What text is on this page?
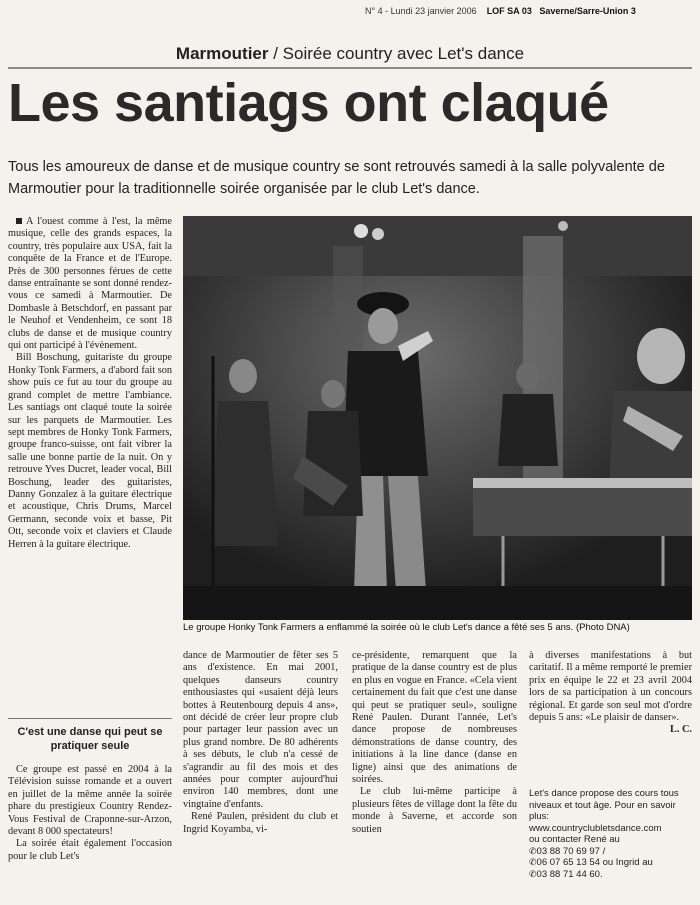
N° 4 - Lundi 23 janvier 2006 LOF SA 03 Saverne/Sarre-Union 3
Marmoutier / Soirée country avec Let's dance
Les santiags ont claqué
Tous les amoureux de danse et de musique country se sont retrouvés samedi à la salle polyvalente de Marmoutier pour la traditionnelle soirée organisée par le club Let's dance.
Le groupe Honky Tonk Farmers a enflammé la soirée où le club Let's dance a fêté ses 5 ans. (Photo DNA)

A l'ouest comme à l'est, la même musique, celle des grands espaces, la country, très populaire aux USA, fait la conquête de la France et de l'Europe. Près de 300 personnes férues de cette danse entraînante se sont donné rendez-vous ce samedi à Marmoutier. De Dombasle à Betschdorf, en passant par le Neuhof et Vendenheim, ce sont 18 clubs de danse et de musique country qui ont participé à l'évènement.

Bill Boschung, guitariste du groupe Honky Tonk Farmers, a d'abord fait son show puis ce fut au tour du groupe au grand complet de mettre l'ambiance. Les santiags ont claqué toute la soirée sur les parquets de Marmoutier. Les sept membres de Honky Tonk Farmers, groupe franco-suisse, ont fait vibrer la salle une bonne partie de la nuit. On y retrouve Yves Ducret, leader vocal, Bill Boschung, leader des guitaristes, Danny Gonzalez à la guitare électrique et acoustique, Chris Drums, Marcel Germann, seconde voix et basse, Pit Ott, seconde voix et claviers et Claude Herren à la guitare électrique.

C'est une danse qui peut se pratiquer seule

Ce groupe est passé en 2004 à la Télévision suisse romande et a ouvert en juillet de la même année la soirée phare du prestigieux Country Rendez-Vous Festival de Craponne-sur-Arzon, devant 8 000 spectateurs!

La soirée était également l'occasion pour le club Let's

dance de Marmoutier de fêter ses 5 ans d'existence. En mai 2001, quelques danseurs country enthousiastes qui «usaient déjà leurs bottes à Reutenbourg depuis 4 ans», ont décidé de créer leur propre club pour partager leur passion avec un plus grand nombre. De 80 adhérents à ses débuts, le club n'a cessé de s'agrandir au fil des mois et des années pour compter aujourd'hui environ 140 membres, dont une vingtaine d'enfants.

René Paulen, président du club et Ingrid Koyamba, vi-

ce-présidente, remarquent que la pratique de la danse country est de plus en plus en vogue en France. «Cela vient certainement du fait que c'est une danse qui peut se pratiquer seul», souligne René Paulen. Durant l'année, Let's dance propose de nombreuses démonstrations de danse country, des initiations à la line dance (danse en ligne) ainsi que des animations de soirées.

Le club lui-même participe à plusieurs fêtes de village dont la fête du monde à Saverne, et accorde son soutien

à diverses manifestations à but caritatif. Il a même remporté le premier prix en équipe le 22 et 23 avril 2004 lors de sa participation à un concours régional. Et garde son seul mot d'ordre depuis 5 ans: «Le plaisir de danser».

L. C.
Let's dance propose des cours tous niveaux et tout âge. Pour en savoir plus:
www.countryclubletsdance.com
ou contacter René au
✆03 88 70 69 97 /
✆06 07 65 13 54 ou Ingrid au
✆03 88 71 44 60.
